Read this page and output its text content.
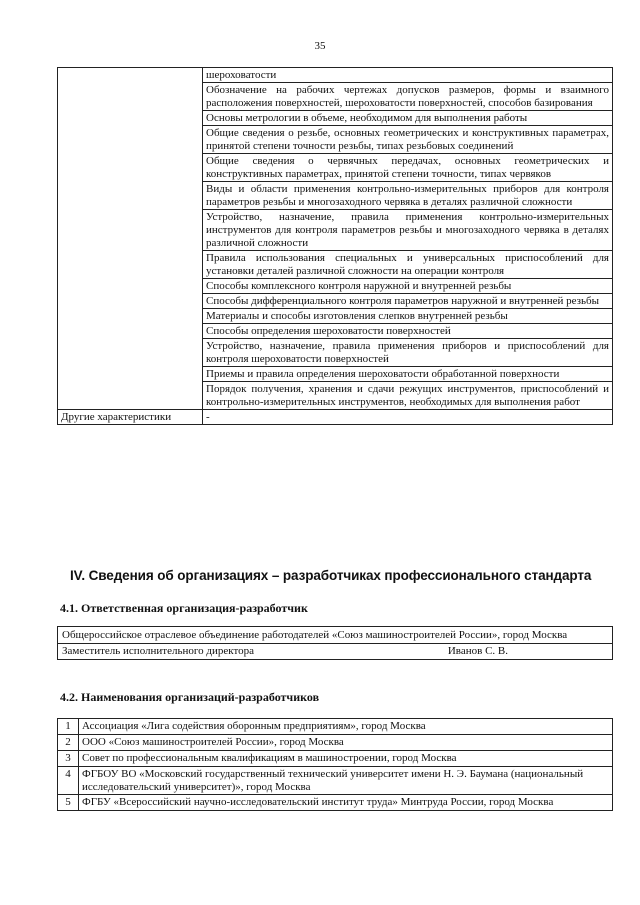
35
	шероховатости
	Обозначение на рабочих чертежах допусков размеров, формы и взаимного расположения поверхностей, шероховатости поверхностей, способов базирования
	Основы метрологии в объеме, необходимом для выполнения работы
	Общие сведения о резьбе, основных геометрических и конструктивных параметрах, принятой степени точности резьбы, типах резьбовых соединений
	Общие сведения о червячных передачах, основных геометрических и конструктивных параметрах, принятой степени точности, типах червяков
	Виды и области применения контрольно-измерительных приборов для контроля параметров резьбы и многозаходного червяка в деталях различной сложности
	Устройство, назначение, правила применения контрольно-измерительных инструментов для контроля параметров резьбы и многозаходного червяка в деталях различной сложности
	Правила использования специальных и универсальных приспособлений для установки деталей различной сложности на операции контроля
	Способы комплексного контроля наружной и внутренней резьбы
	Способы дифференциального контроля параметров наружной и внутренней резьбы
	Материалы и способы изготовления слепков внутренней резьбы
	Способы определения шероховатости поверхностей
	Устройство, назначение, правила применения приборов и приспособлений для контроля шероховатости поверхностей
	Приемы и правила определения шероховатости обработанной поверхности
	Порядок получения, хранения и сдачи режущих инструментов, приспособлений и контрольно-измерительных инструментов, необходимых для выполнения работ
Другие характеристики	-
IV. Сведения об организациях – разработчиках профессионального стандарта
4.1. Ответственная организация-разработчик
Общероссийское отраслевое объединение работодателей «Союз машиностроителей России», город Москва
Заместитель исполнительного директора	Иванов С. В.
4.2. Наименования организаций-разработчиков
1	Ассоциация «Лига содействия оборонным предприятиям», город Москва
2	ООО «Союз машиностроителей России», город Москва
3	Совет по профессиональным квалификациям в машиностроении, город Москва
4	ФГБОУ ВО «Московский государственный технический университет имени Н. Э. Баумана (национальный исследовательский университет)», город Москва
5	ФГБУ «Всероссийский научно-исследовательский институт труда» Минтруда России, город Москва
